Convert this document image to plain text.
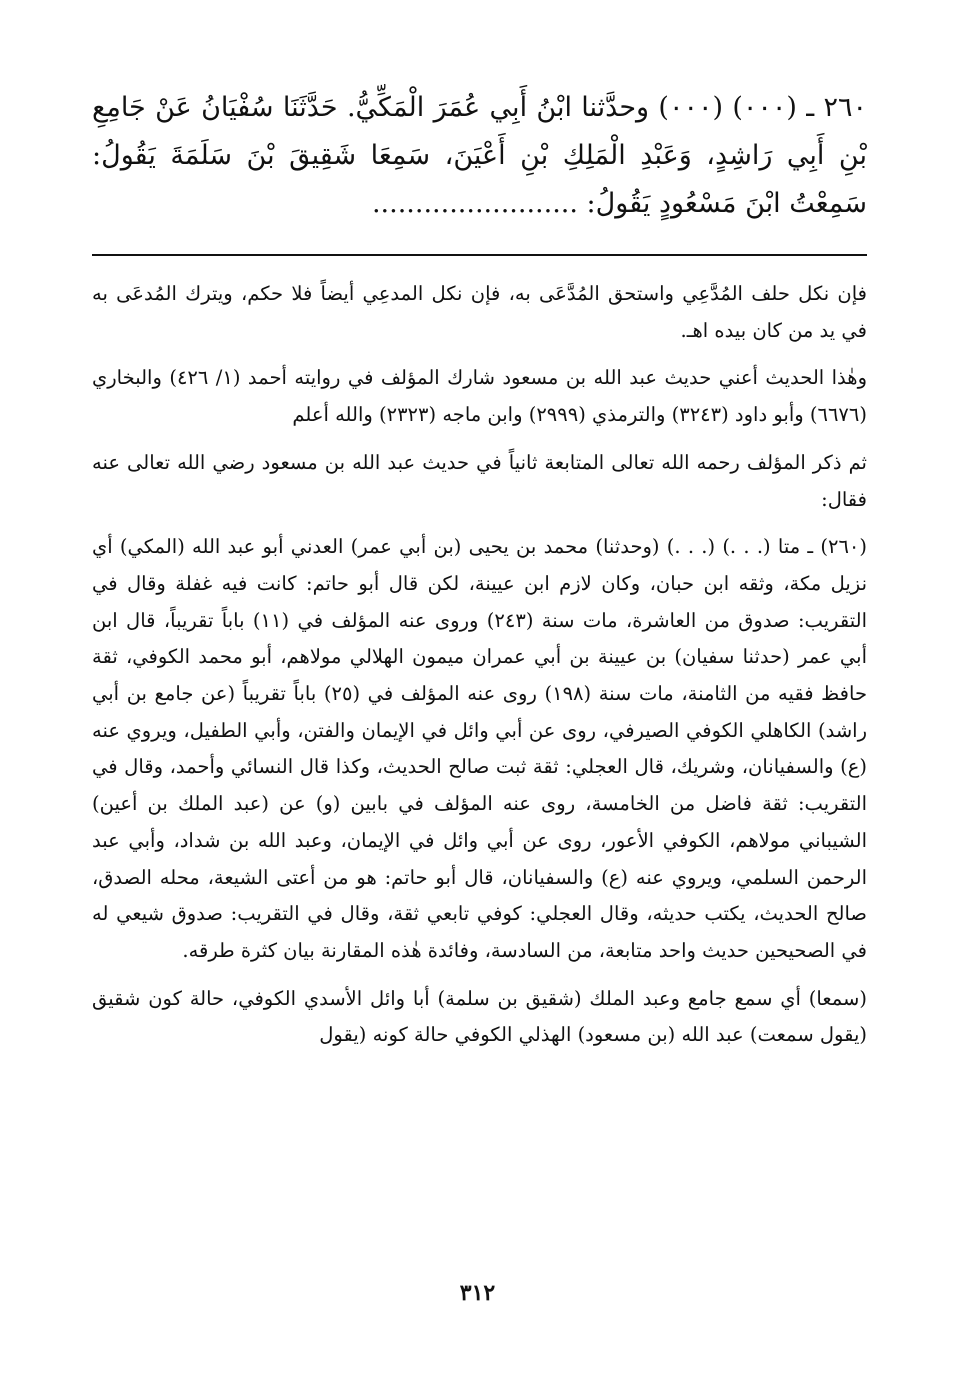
٢٦٠ ـ (٠٠٠) (٠٠٠) وحدَّثنا ابْنُ أَبِي عُمَرَ الْمَكِّيُّ. حَدَّثَنَا سُفْيَانُ عَنْ جَامِعِ بْنِ أَبِي رَاشِدٍ، وَعَبْدِ الْمَلِكِ بْنِ أَعْيَنَ، سَمِعَا شَقِيقَ بْنَ سَلَمَةَ يَقُولُ: سَمِعْتُ ابْنَ مَسْعُودٍ يَقُولُ: ........................

فإن نكل حلف المُدَّعِي واستحق المُدَّعَى به، فإن نكل المدعِي أيضاً فلا حكم، ويترك المُدعَى به في يد من كان بيده اهـ.

وهٰذا الحديث أعني حديث عبد الله بن مسعود شارك المؤلف في روايته أحمد (١/ ٤٢٦) والبخاري (٦٦٧٦) وأبو داود (٣٢٤٣) والترمذي (٢٩٩٩) وابن ماجه (٢٣٢٣) والله أعلم

ثم ذكر المؤلف رحمه الله تعالى المتابعة ثانياً في حديث عبد الله بن مسعود رضي الله تعالى عنه فقال:

(٢٦٠) ـ متا (. . .) (. . .) (وحدثنا) محمد بن يحيى (بن أبي عمر) العدني أبو عبد الله (المكي) أي نزيل مكة، وثقه ابن حبان، وكان لازم ابن عيينة، لكن قال أبو حاتم: كانت فيه غفلة وقال في التقريب: صدوق من العاشرة، مات سنة (٢٤٣) وروى عنه المؤلف في (١١) باباً تقريباً، قال ابن أبي عمر (حدثنا سفيان) بن عيينة بن أبي عمران ميمون الهلالي مولاهم، أبو محمد الكوفي، ثقة حافظ فقيه من الثامنة، مات سنة (١٩٨) روى عنه المؤلف في (٢٥) باباً تقريباً (عن جامع بن أبي راشد) الكاهلي الكوفي الصيرفي، روى عن أبي وائل في الإيمان والفتن، وأبي الطفيل، ويروي عنه (ع) والسفيانان، وشريك، قال العجلي: ثقة ثبت صالح الحديث، وكذا قال النسائي وأحمد، وقال في التقريب: ثقة فاضل من الخامسة، روى عنه المؤلف في بابين (و) عن (عبد الملك بن أعين) الشيباني مولاهم، الكوفي الأعور، روى عن أبي وائل في الإيمان، وعبد الله بن شداد، وأبي عبد الرحمن السلمي، ويروي عنه (ع) والسفيانان، قال أبو حاتم: هو من أعتى الشيعة، محله الصدق، صالح الحديث، يكتب حديثه، وقال العجلي: كوفي تابعي ثقة، وقال في التقريب: صدوق شيعي له في الصحيحين حديث واحد متابعة، من السادسة، وفائدة هٰذه المقارنة بيان كثرة طرقه.

(سمعا) أي سمع جامع وعبد الملك (شقيق بن سلمة) أبا وائل الأسدي الكوفي، حالة كون شقيق (يقول سمعت) عبد الله (بن مسعود) الهذلي الكوفي حالة كونه (يقول

٣١٢
